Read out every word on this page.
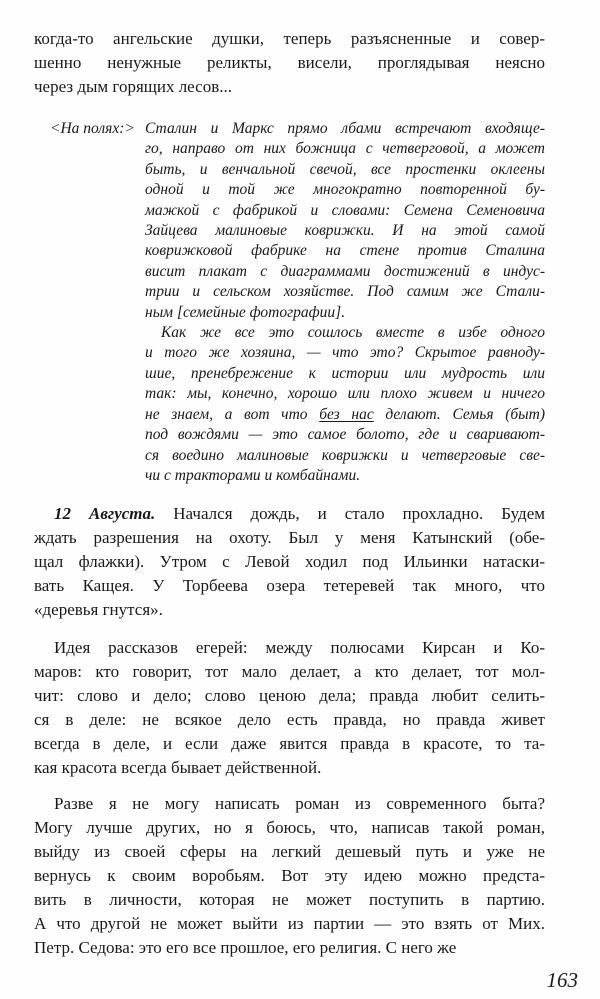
когда-то ангельские душки, теперь разъясненные и совер-
шенно ненужные реликты, висели, проглядывая неясно
через дым горящих лесов...
<На полях:> Сталин и Маркс прямо лбами встречают входяще-
го, направо от них божница с четверговой, а может
быть, и венчальной свечой, все простенки оклеены
одной и той же многократно повторенной бу-
мажкой с фабрикой и словами: Семена Семеновича
Зайцева малиновые коврижки. И на этой самой
коврижковой фабрике на стене против Сталина
висит плакат с диаграммами достижений в индус-
трии и сельском хозяйстве. Под самим же Стали-
ным [семейные фотографии].
Как же все это сошлось вместе в избе одного
и того же хозяина, — что это? Скрытое равноду-
шие, пренебрежение к истории или мудрость или
так: мы, конечно, хорошо или плохо живем и ничего
не знаем, а вот что без нас делают. Семья (быт)
под вождями — это самое болото, где и сваривают-
ся воедино малиновые коврижки и четверговые све-
чи с тракторами и комбайнами.
12 Августа. Начался дождь, и стало прохладно. Будем
ждать разрешения на охоту. Был у меня Катынский (обе-
щал флажки). Утром с Левой ходил под Ильинки натаски-
вать Кащея. У Торбеева озера тетеревей так много, что
«деревья гнутся».
Идея рассказов егерей: между полюсами Кирсан и Ко-
маров: кто говорит, тот мало делает, а кто делает, тот мол-
чит: слово и дело; слово ценою дела; правда любит селить-
ся в деле: не всякое дело есть правда, но правда живет
всегда в деле, и если даже явится правда в красоте, то та-
кая красота всегда бывает действенной.
Разве я не могу написать роман из современного быта?
Могу лучше других, но я боюсь, что, написав такой роман,
выйду из своей сферы на легкий дешевый путь и уже не
вернусь к своим воробьям. Вот эту идею можно предста-
вить в личности, которая не может поступить в партию.
А что другой не может выйти из партии — это взять от Мих.
Петр. Седова: это его все прошлое, его религия. С него же
163
